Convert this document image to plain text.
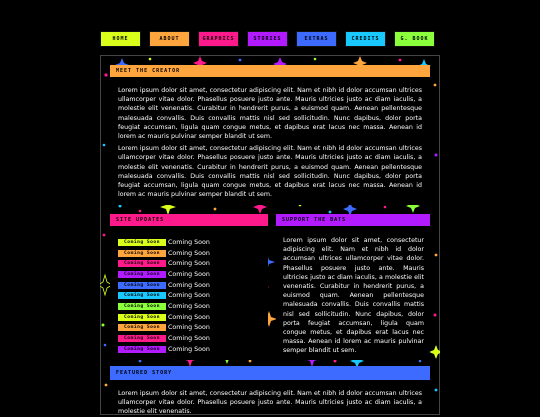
HOME	ABOUT	GRAPHICS	STORIES	EXTRAS	CREDITS	G. BOOK
MEET THE CREATOR

Lorem ipsum dolor sit amet, consectetur adipiscing elit. Nam et nibh id dolor accumsan ultrices ullamcorper vitae dolor. Phasellus posuere justo ante. Mauris ultricies justo ac diam iaculis, a molestie elit venenatis. Curabitur in hendrerit purus, a euismod quam. Aenean pellentesque malesuada convallis. Duis convallis mattis nisl sed sollicitudin. Nunc dapibus, dolor porta feugiat accumsan, ligula quam congue metus, et dapibus erat lacus nec massa. Aenean id lorem ac mauris pulvinar semper blandit ut sem.

Lorem ipsum dolor sit amet, consectetur adipiscing elit. Nam et nibh id dolor accumsan ultrices ullamcorper vitae dolor. Phasellus posuere justo ante. Mauris ultricies justo ac diam iaculis, a molestie elit venenatis. Curabitur in hendrerit purus, a euismod quam. Aenean pellentesque malesuada convallis. Duis convallis mattis nisl sed sollicitudin. Nunc dapibus, dolor porta feugiat accumsan, ligula quam congue metus, et dapibus erat lacus nec massa. Aenean id lorem ac mauris pulvinar semper blandit ut sem.

SITE UPDATES
Coming Soon	Coming Soon
Coming Soon	Coming Soon
Coming Soon	Coming Soon
Coming Soon	Coming Soon
Coming Soon	Coming Soon
Coming Soon	Coming Soon
Coming Soon	Coming Soon
Coming Soon	Coming Soon
Coming Soon	Coming Soon
Coming Soon	Coming Soon
Coming Soon	Coming Soon
SUPPORT THE BATS

Lorem ipsum dolor sit amet, consectetur adipiscing elit. Nam et nibh id dolor accumsan ultrices ullamcorper vitae dolor. Phasellus posuere justo ante. Mauris ultricies justo ac diam iaculis, a molestie elit venenatis. Curabitur in hendrerit purus, a euismod quam. Aenean pellentesque malesuada convallis. Duis convallis mattis nisl sed sollicitudin. Nunc dapibus, dolor porta feugiat accumsan, ligula quam congue metus, et dapibus erat lacus nec massa. Aenean id lorem ac mauris pulvinar semper blandit ut sem.

FEATURED STORY

Lorem ipsum dolor sit amet, consectetur adipiscing elit. Nam et nibh id dolor accumsan ultrices ullamcorper vitae dolor. Phasellus posuere justo ante. Mauris ultricies justo ac diam iaculis, a molestie elit venenatis.
